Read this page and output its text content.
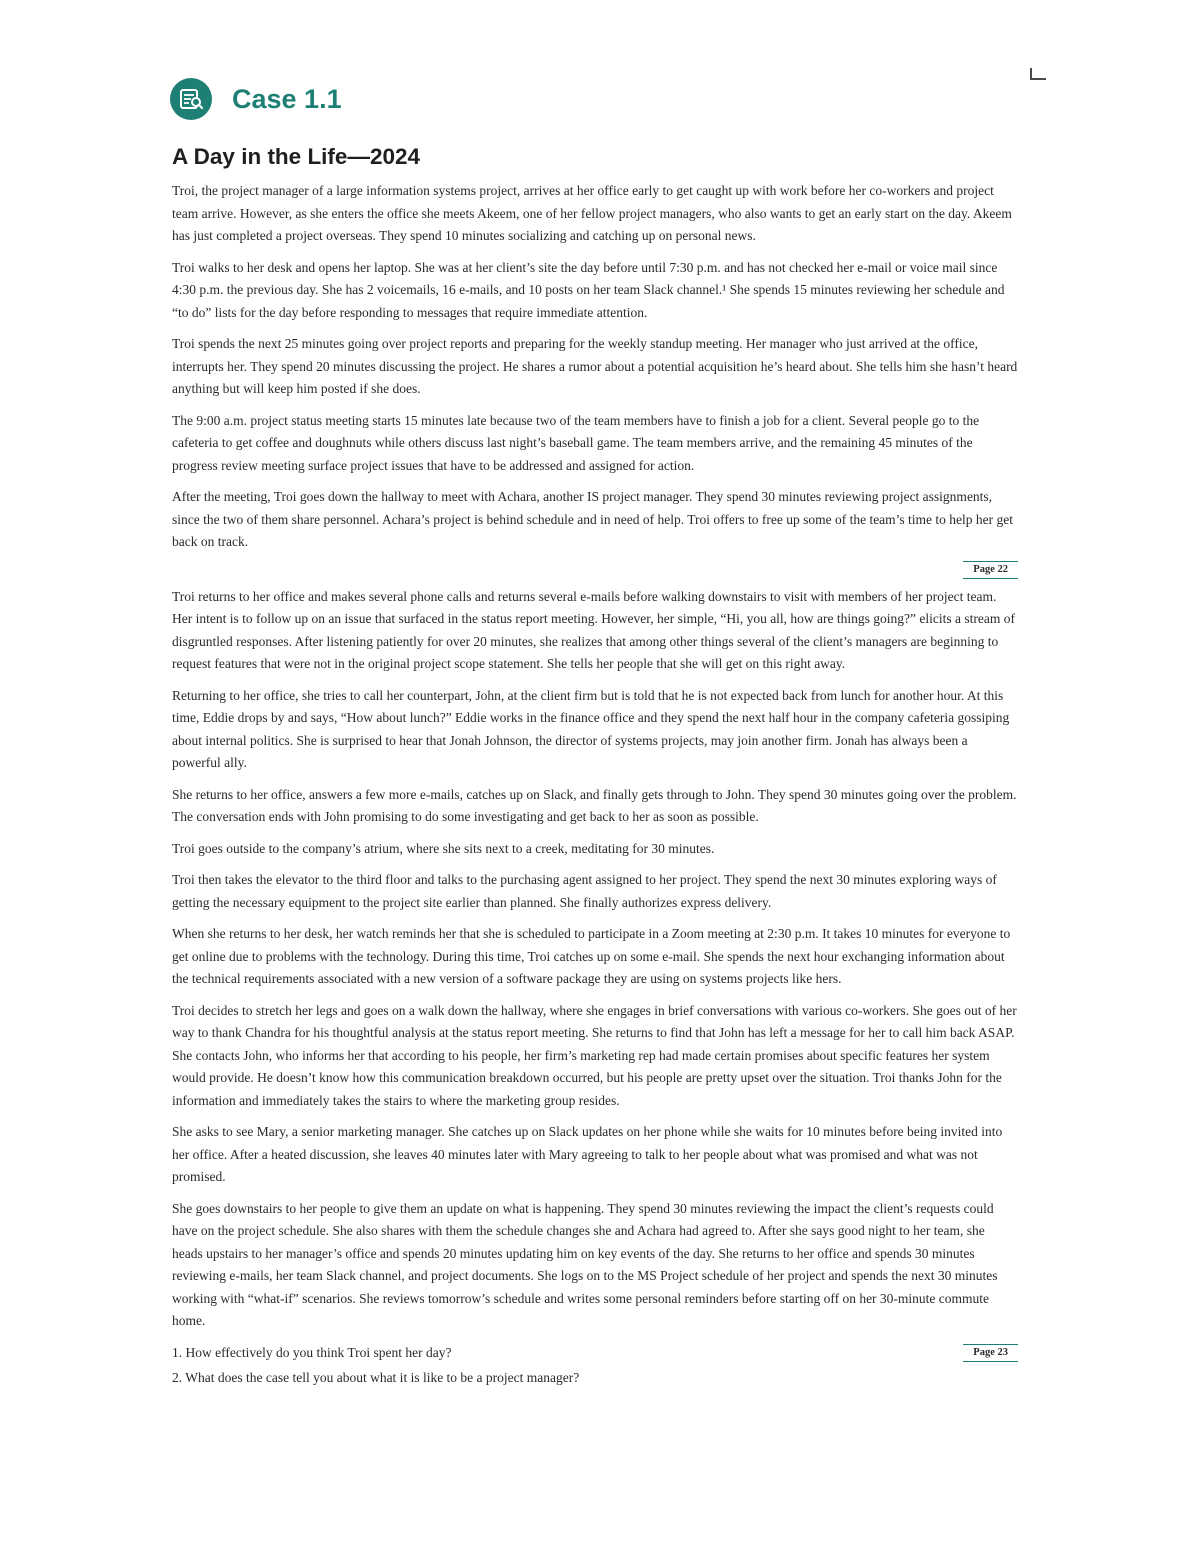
Case 1.1
A Day in the Life—2024

Troi, the project manager of a large information systems project, arrives at her office early to get caught up with work before her co-workers and project team arrive. However, as she enters the office she meets Akeem, one of her fellow project managers, who also wants to get an early start on the day. Akeem has just completed a project overseas. They spend 10 minutes socializing and catching up on personal news.

Troi walks to her desk and opens her laptop. She was at her client’s site the day before until 7:30 p.m. and has not checked her e-mail or voice mail since 4:30 p.m. the previous day. She has 2 voicemails, 16 e-mails, and 10 posts on her team Slack channel.¹ She spends 15 minutes reviewing her schedule and “to do” lists for the day before responding to messages that require immediate attention.

Troi spends the next 25 minutes going over project reports and preparing for the weekly standup meeting. Her manager who just arrived at the office, interrupts her. They spend 20 minutes discussing the project. He shares a rumor about a potential acquisition he’s heard about. She tells him she hasn’t heard anything but will keep him posted if she does.

The 9:00 a.m. project status meeting starts 15 minutes late because two of the team members have to finish a job for a client. Several people go to the cafeteria to get coffee and doughnuts while others discuss last night’s baseball game. The team members arrive, and the remaining 45 minutes of the progress review meeting surface project issues that have to be addressed and assigned for action.

After the meeting, Troi goes down the hallway to meet with Achara, another IS project manager. They spend 30 minutes reviewing project assignments, since the two of them share personnel. Achara’s project is behind schedule and in need of help. Troi offers to free up some of the team’s time to help her get back on track.

Page 22

Troi returns to her office and makes several phone calls and returns several e-mails before walking downstairs to visit with members of her project team. Her intent is to follow up on an issue that surfaced in the status report meeting. However, her simple, “Hi, you all, how are things going?” elicits a stream of disgruntled responses. After listening patiently for over 20 minutes, she realizes that among other things several of the client’s managers are beginning to request features that were not in the original project scope statement. She tells her people that she will get on this right away.

Returning to her office, she tries to call her counterpart, John, at the client firm but is told that he is not expected back from lunch for another hour. At this time, Eddie drops by and says, “How about lunch?” Eddie works in the finance office and they spend the next half hour in the company cafeteria gossiping about internal politics. She is surprised to hear that Jonah Johnson, the director of systems projects, may join another firm. Jonah has always been a powerful ally.

She returns to her office, answers a few more e-mails, catches up on Slack, and finally gets through to John. They spend 30 minutes going over the problem. The conversation ends with John promising to do some investigating and get back to her as soon as possible.

Troi goes outside to the company’s atrium, where she sits next to a creek, meditating for 30 minutes.

Troi then takes the elevator to the third floor and talks to the purchasing agent assigned to her project. They spend the next 30 minutes exploring ways of getting the necessary equipment to the project site earlier than planned. She finally authorizes express delivery.

When she returns to her desk, her watch reminds her that she is scheduled to participate in a Zoom meeting at 2:30 p.m. It takes 10 minutes for everyone to get online due to problems with the technology. During this time, Troi catches up on some e-mail. She spends the next hour exchanging information about the technical requirements associated with a new version of a software package they are using on systems projects like hers.

Troi decides to stretch her legs and goes on a walk down the hallway, where she engages in brief conversations with various co-workers. She goes out of her way to thank Chandra for his thoughtful analysis at the status report meeting. She returns to find that John has left a message for her to call him back ASAP. She contacts John, who informs her that according to his people, her firm’s marketing rep had made certain promises about specific features her system would provide. He doesn’t know how this communication breakdown occurred, but his people are pretty upset over the situation. Troi thanks John for the information and immediately takes the stairs to where the marketing group resides.

She asks to see Mary, a senior marketing manager. She catches up on Slack updates on her phone while she waits for 10 minutes before being invited into her office. After a heated discussion, she leaves 40 minutes later with Mary agreeing to talk to her people about what was promised and what was not promised.

She goes downstairs to her people to give them an update on what is happening. They spend 30 minutes reviewing the impact the client’s requests could have on the project schedule. She also shares with them the schedule changes she and Achara had agreed to. After she says good night to her team, she heads upstairs to her manager’s office and spends 20 minutes updating him on key events of the day. She returns to her office and spends 30 minutes reviewing e-mails, her team Slack channel, and project documents. She logs on to the MS Project schedule of her project and spends the next 30 minutes working with “what-if” scenarios. She reviews tomorrow’s schedule and writes some personal reminders before starting off on her 30-minute commute home.

1. How effectively do you think Troi spent her day?	Page 23

2. What does the case tell you about what it is like to be a project manager?
